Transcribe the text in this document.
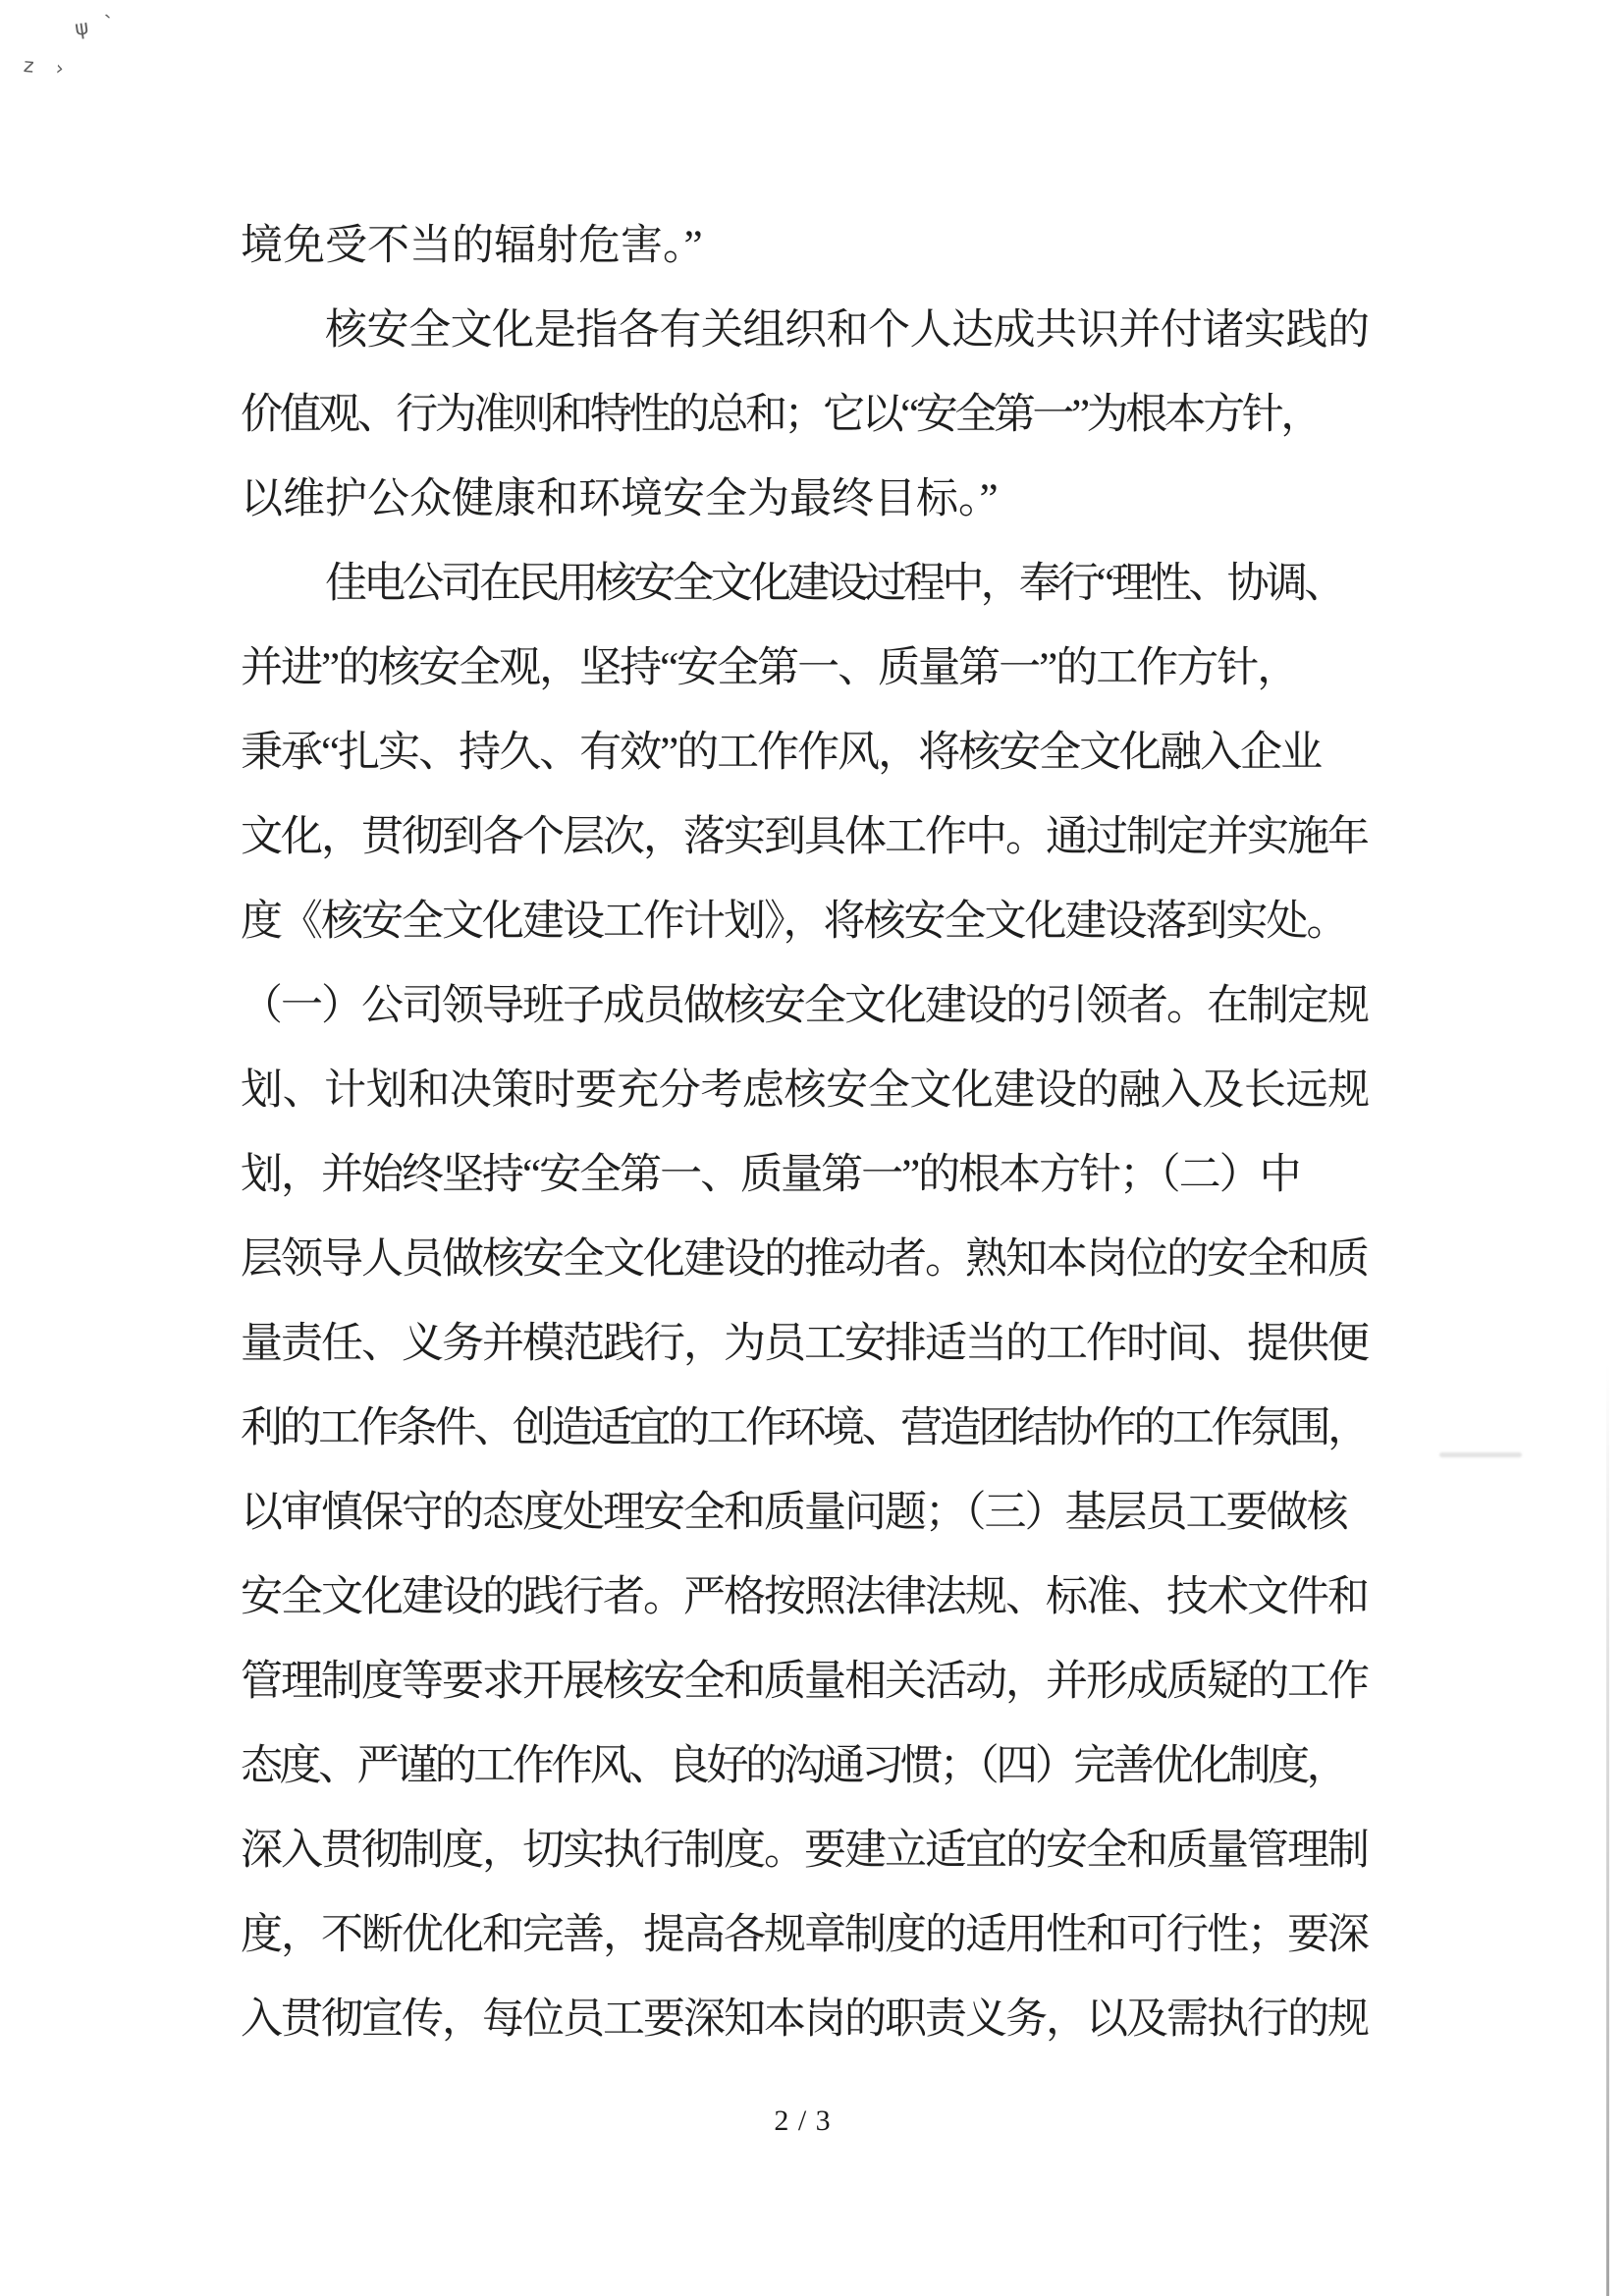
ψ `
z ›
境免受不当的辐射危害。”
核安全文化是指各有关组织和个人达成共识并付诸实践的
价值观、行为准则和特性的总和；它以“安全第一”为根本方针，
以维护公众健康和环境安全为最终目标。”
佳电公司在民用核安全文化建设过程中，奉行“理性、协调、
并进”的核安全观，坚持“安全第一、质量第一”的工作方针，
秉承“扎实、持久、有效”的工作作风，将核安全文化融入企业
文化，贯彻到各个层次，落实到具体工作中。通过制定并实施年
度《核安全文化建设工作计划》，将核安全文化建设落到实处。
（一）公司领导班子成员做核安全文化建设的引领者。在制定规
划、计划和决策时要充分考虑核安全文化建设的融入及长远规
划，并始终坚持“安全第一、质量第一”的根本方针；（二）中
层领导人员做核安全文化建设的推动者。熟知本岗位的安全和质
量责任、义务并模范践行，为员工安排适当的工作时间、提供便
利的工作条件、创造适宜的工作环境、营造团结协作的工作氛围，
以审慎保守的态度处理安全和质量问题；（三）基层员工要做核
安全文化建设的践行者。严格按照法律法规、标准、技术文件和
管理制度等要求开展核安全和质量相关活动，并形成质疑的工作
态度、严谨的工作作风、良好的沟通习惯；（四）完善优化制度，
深入贯彻制度，切实执行制度。要建立适宜的安全和质量管理制
度，不断优化和完善，提高各规章制度的适用性和可行性；要深
入贯彻宣传，每位员工要深知本岗的职责义务，以及需执行的规
2 / 3
